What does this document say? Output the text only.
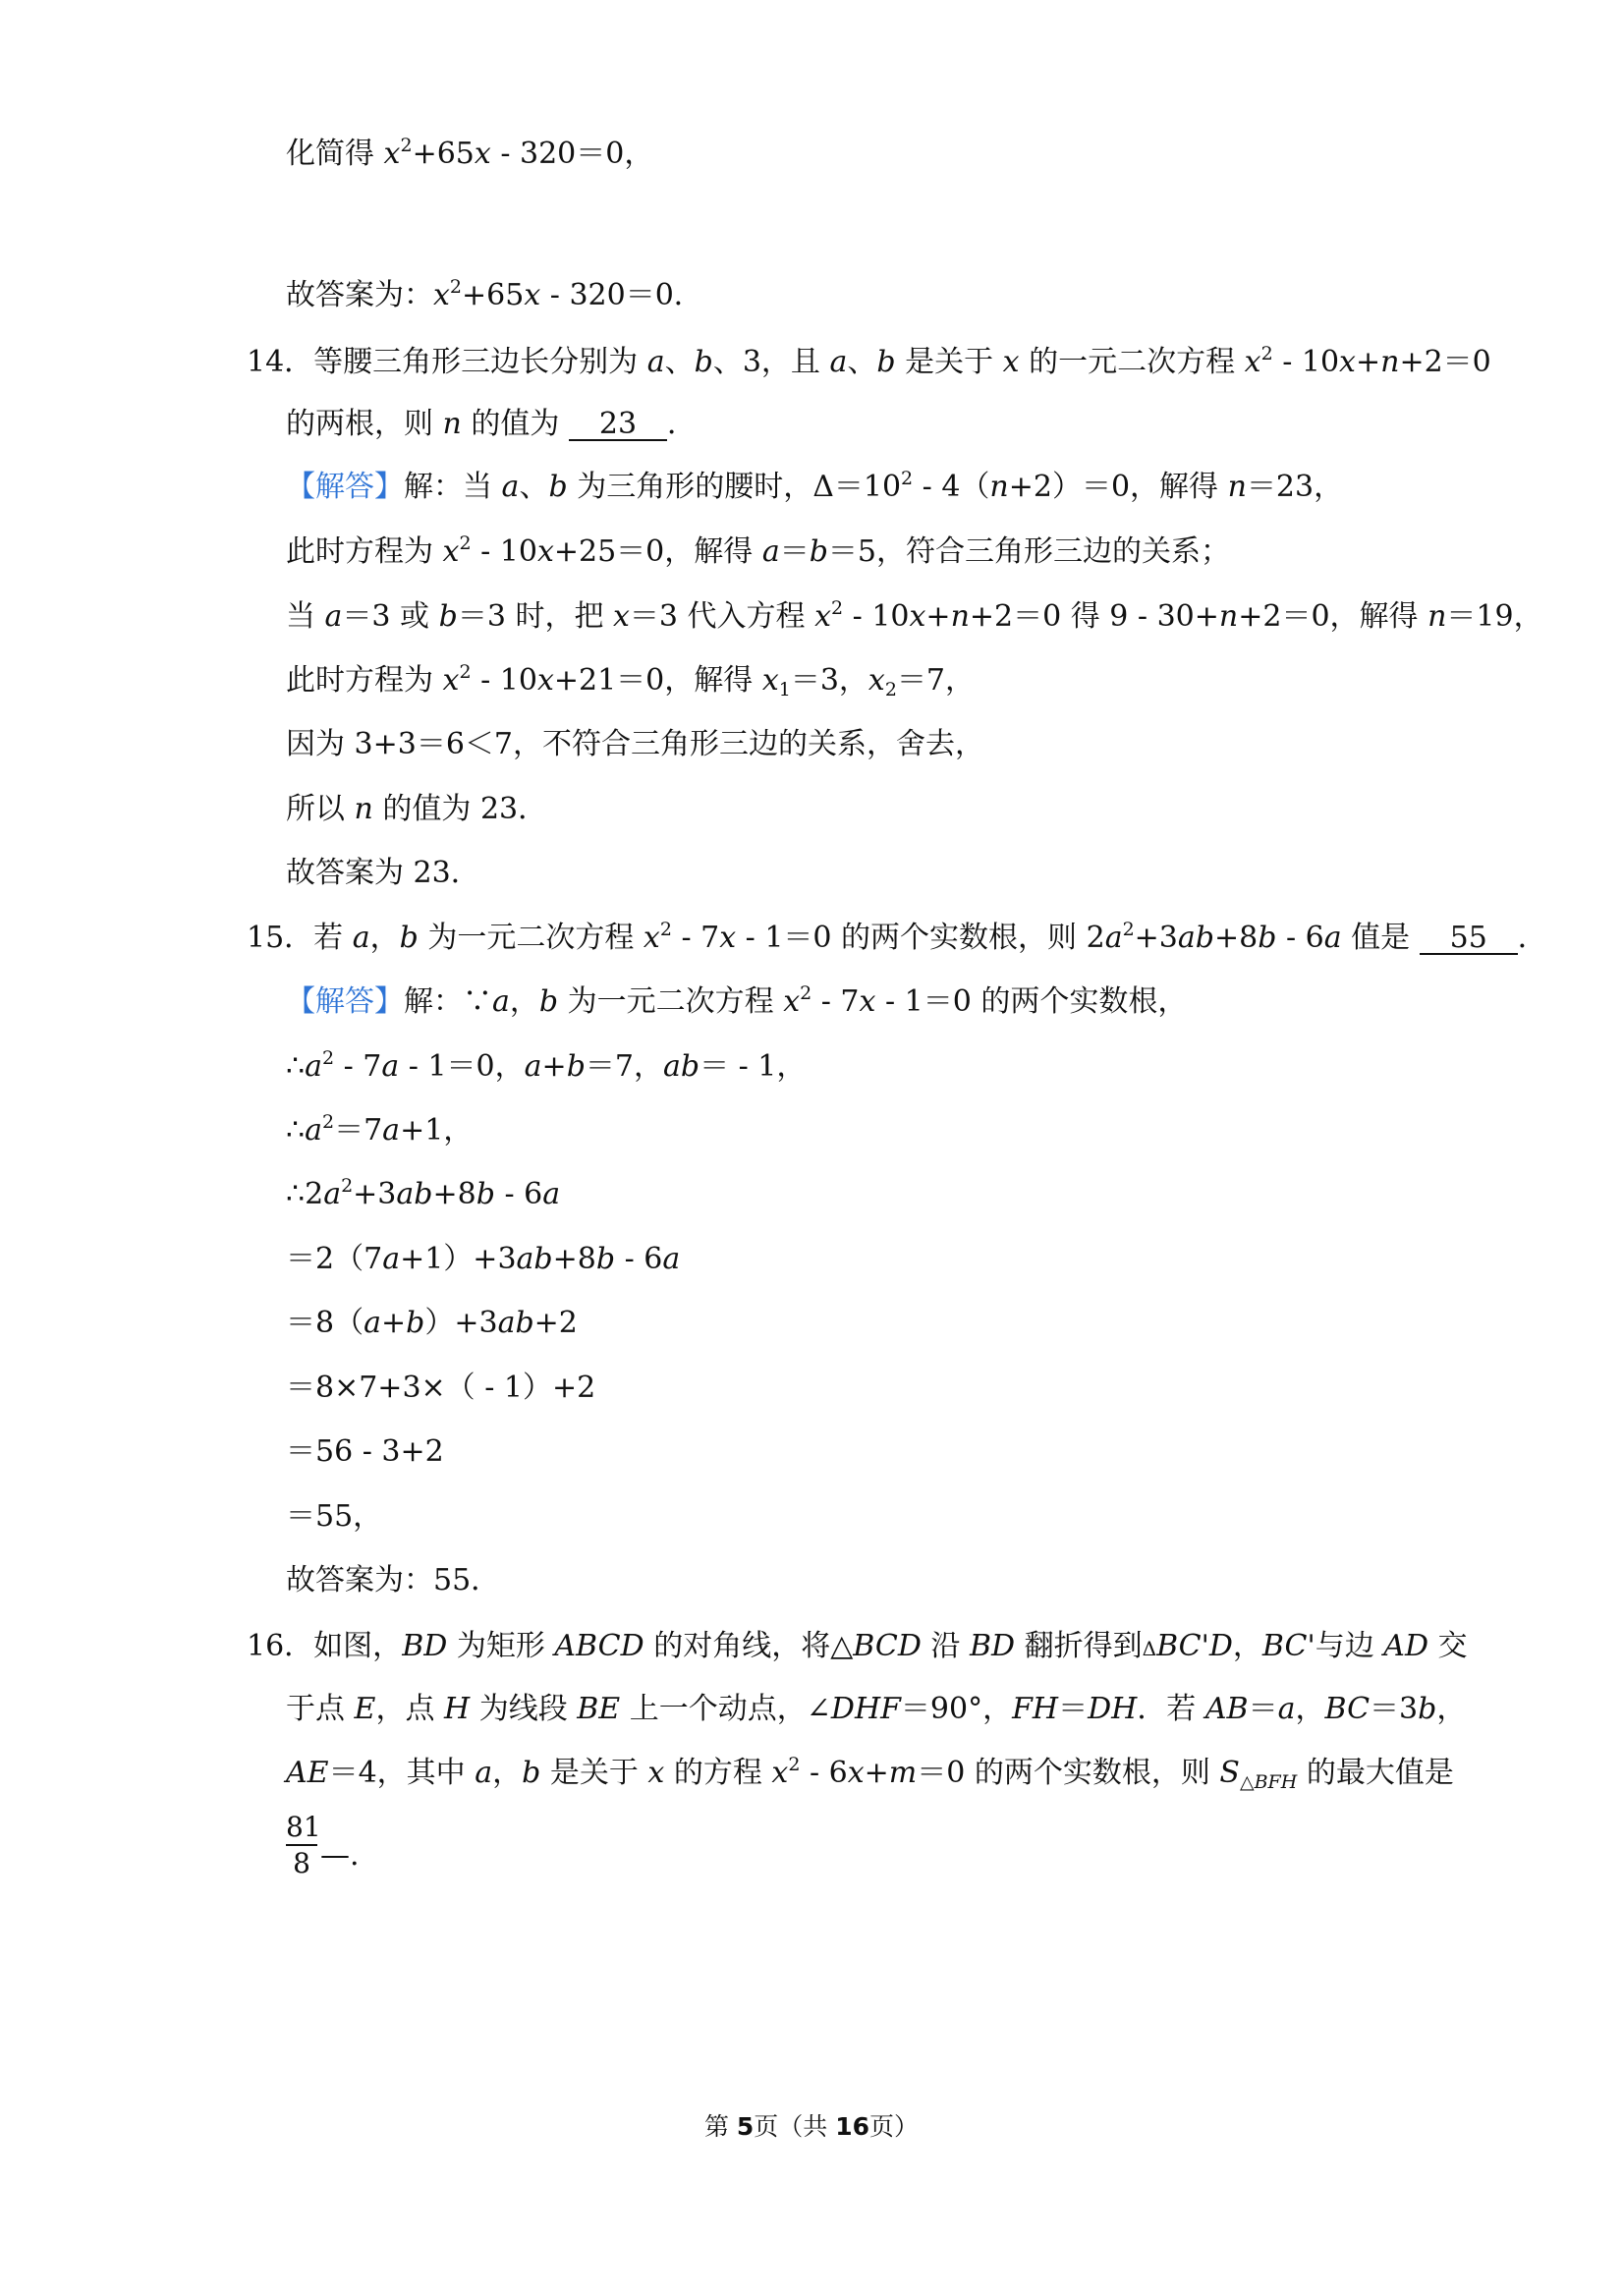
化简得 $x^2+65x$ ‑ 320＝0，
故答案为：$x^2+65x$ ‑ 320＝0．
14．等腰三角形三边长分别为 a、b、3，且 a、b 是关于 x 的一元二次方程 $x^2$ ‑ 10x+n+2＝0
的两根，则 n 的值为 23 ．
【解答】解：当 a、b 为三角形的腰时，$\Delta=10^2$ ‑ 4（n+2）＝0，解得 n＝23，
此时方程为 $x^2$ ‑ 10x+25＝0，解得 a＝b＝5，符合三角形三边的关系；
当 a＝3 或 b＝3 时，把 x＝3 代入方程 $x^2$ ‑ 10x+n+2＝0 得 9 ‑ 30+n+2＝0，解得 n＝19，
此时方程为 $x^2$ ‑ 10x+21＝0，解得 $x_1=3$，$x_2=7$，
因为 3+3＝6＜7，不符合三角形三边的关系，舍去，
所以 n 的值为 23．
故答案为 23．
15．若 a，b 为一元二次方程 $x^2$ ‑ 7x ‑ 1＝0 的两个实数根，则 $2a^2+3ab+8b$ ‑ 6a 值是 55 ．
【解答】解：∵a，b 为一元二次方程 $x^2$ ‑ 7x ‑ 1＝0 的两个实数根，
$\therefore a^2$ ‑ 7a ‑ 1＝0，a+b＝7，ab＝ ‑ 1，
$\therefore a^2=7a+1$，
$\therefore 2a^2+3ab+8b$ ‑ 6a
＝2（7a+1）+3ab+8b ‑ 6a
＝8（a+b）+3ab+2
＝8×7+3×（ ‑ 1）+2
＝56 ‑ 3+2
＝55，
故答案为：55．
16．如图，BD 为矩形 ABCD 的对角线，将△BCD 沿 BD 翻折得到ΔBC'D，BC'与边 AD 交
于点 E，点 H 为线段 BE 上一个动点，∠DHF＝90°，FH＝DH．若 AB＝a，BC＝3b，
AE＝4，其中 a，b 是关于 x 的方程 $x^2$ ‑ 6x+m＝0 的两个实数根，则 $S_{\triangle BFH}$ 的最大值是
$\frac{81}{8}$ —.
第 5页（共 16页）
